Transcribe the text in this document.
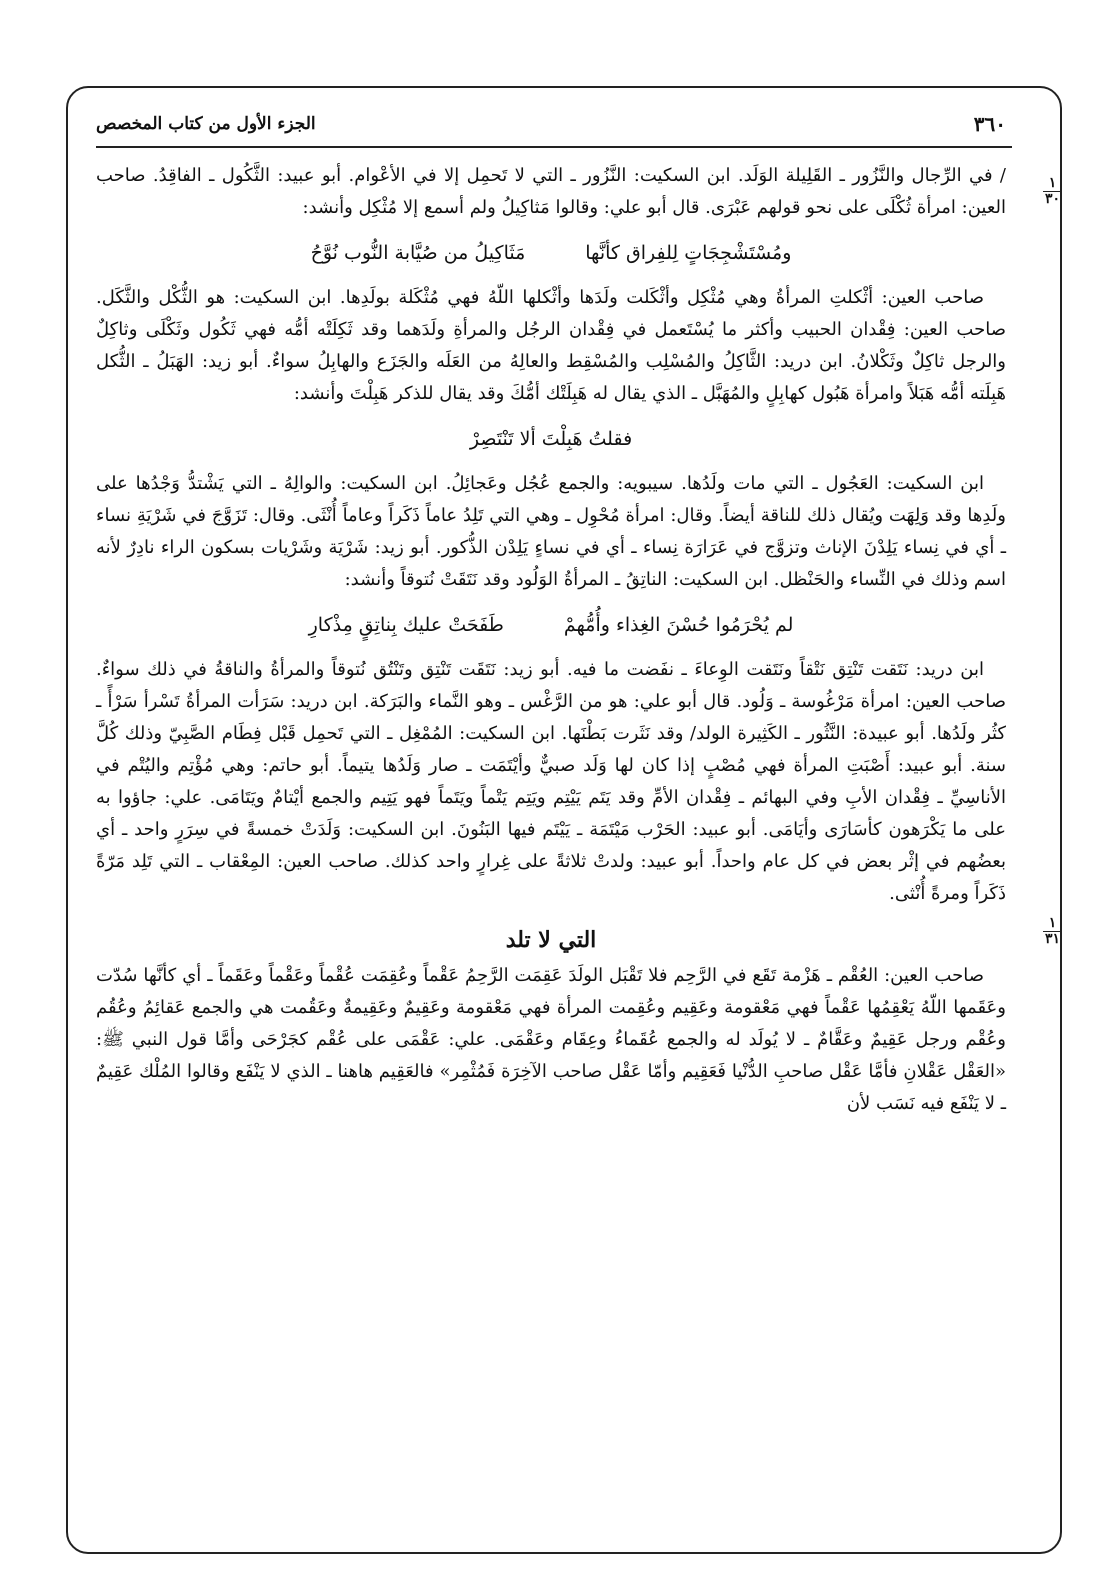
٣٦٠
الجزء الأول من كتاب المخصص
١
٣٠
١
٣١

/ في الرِّجال والنَّزُور ـ القَلِيلة الوَلَد. ابن السكيت: النَّزُور ـ التي لا تَحمِل إلا في الأعْوام. أبو عبيد: الثَّكُول ـ الفاقِدُ. صاحب العين: امرأة ثُكْلَى على نحو قولهم عَبْرَى. قال أبو علي: وقالوا مَثاكِيلُ ولم أسمع إلا مُثْكِل وأنشد:

ومُسْتَشْجِجَاتٍ لِلفِراق كأنَّها
مَثَاكِيلُ من صُيَّابة النُّوب نُوَّحُ

صاحب العين: أثْكلتِ المرأةُ وهي مُثْكِل وأثْكَلت ولَدَها وأثْكلها اللّهُ فهي مُثْكَلة بولَدِها. ابن السكيت: هو الثُّكْل والثَّكَل. صاحب العين: فِقْدان الحبيب وأكثر ما يُسْتَعمل في فِقْدان الرجُل والمرأةِ ولَدَهما وقد ثَكِلَتْه أمُّه فهي ثَكُول وثَكْلَى وثاكِلٌ والرجل ثاكِلٌ وثَكْلانُ. ابن دريد: الثَّاكِلُ والمُسْلِب والمُسْقِط والعالِهُ من العَلَه والجَزَع والهابِلُ سواءٌ. أبو زيد: الهَبَلُ ـ الثُّكل هَبِلَته أمُّه هَبَلاً وامرأة هَبُول كهابِلٍ والمُهَبَّل ـ الذي يقال له هَبِلَتْك أمُّكَ وقد يقال للذكر هَبِلْتَ وأنشد:

فقلتُ هَبِلْتَ ألا تَنْتَصِرْ

ابن السكيت: العَجُول ـ التي مات ولَدُها. سيبويه: والجمع عُجُل وعَجائِلُ. ابن السكيت: والوالِهُ ـ التي يَشْتدُّ وَجْدُها على ولَدِها وقد وَلِهَت ويُقال ذلك للناقة أيضاً. وقال: امرأة مُحْوِل ـ وهي التي تَلِدُ عاماً ذَكَراً وعاماً أُنْثَى. وقال: تَزَوَّجَ في شَرْيَةِ نساء ـ أي في نِساء يَلِدْنَ الإناث وتزوَّج في عَرَارَة نِساء ـ أي في نساءٍ يَلِدْن الذُّكور. أبو زيد: شَرْيَة وشَرْيات بسكون الراء نادِرٌ لأنه اسم وذلك في النِّساء والحَنْظل. ابن السكيت: الناتِقُ ـ المرأةُ الوَلُود وقد نَتَقَتْ نُتوقاً وأنشد:

لم يُحْرَمُوا حُسْنَ الغِذاء وأُمُّهمْ
طَفَحَتْ عليك بِناتِقٍ مِذْكارِ

ابن دريد: نَتَقت تَنْتِق نَتْقاً ونَتَقت الوِعاءَ ـ نفَضت ما فيه. أبو زيد: نَتَقَت تَنْتِق وتَنْتُق نُتوقاً والمرأةُ والناقةُ في ذلك سواءٌ. صاحب العين: امرأة مَرْغُوسة ـ وَلُود. قال أبو علي: هو من الرَّغْس ـ وهو النَّماء والبَرَكة. ابن دريد: سَرَأت المرأةُ تَسْرأ سَرْأً ـ كثُر ولَدُها. أبو عبيدة: النَّثُور ـ الكَثِيرة الولد/ وقد نَثَرت بَطْنَها. ابن السكيت: المُمْغِل ـ التي تَحمِل قَبْل فِطَام الصَّبِيّ وذلك كُلَّ سنة. أبو عبيد: أَصْبَتِ المرأة فهي مُصْبٍ إذا كان لها وَلَد صبيٌّ وأيْتَمَت ـ صار وَلَدُها يتيماً. أبو حاتم: وهي مُؤْتِم واليُتْم في الأناسِيِّ ـ فِقْدان الأبِ وفي البهائم ـ فِقْدان الأمِّ وقد يَتَم يَيْتِم ويَتِم يَتْماً ويَتَماً فهو يَتِيم والجمع أيْتامٌ ويَتَامَى. علي: جاؤوا به على ما يَكْرَهون كأسَارَى وأيَامَى. أبو عبيد: الحَرْب مَيْتَمَة ـ يَيْتَم فيها البَنُونَ. ابن السكيت: وَلَدَتْ خمسةً في سِرَرٍ واحد ـ أي بعضُهم في إثْر بعض في كل عام واحداً. أبو عبيد: ولدتْ ثلاثةً على غِرارٍ واحد كذلك. صاحب العين: المِعْقاب ـ التي تَلِد مَرّةً ذَكَراً ومرةً أُنْثى.

التي لا تلد

صاحب العين: العُقْم ـ هَزْمة تَقَع في الرَّحِم فلا تَقْبَل الولَدَ عَقِمَت الرَّحِمُ عَقْماً وعُقِمَت عُقْماً وعَقْماً وعَقَماً ـ أي كأنَّها سُدّت وعَقَمها اللّهُ يَعْقِمُها عَقْماً فهي مَعْقومة وعَقِيم وعُقِمت المرأة فهي مَعْقومة وعَقِيمٌ وعَقِيمةٌ وعَقُمت هي والجمع عَقائِمُ وعُقُم وعُقْم ورجل عَقِيمٌ وعَقَّامٌ ـ لا يُولَد له والجمع عُقَماءُ وعِقَام وعَقْمَى. علي: عَقْمَى على عُقْم كجَرْحَى وأمَّا قول النبي ﷺ: «العَقْل عَقْلانِ فأمَّا عَقْل صاحبِ الدُّنْيا فَعَقِيم وأمّا عَقْل صاحب الآخِرَة فَمُثْمِر» فالعَقِيم هاهنا ـ الذي لا يَنْفَع وقالوا المُلْك عَقِيمٌ ـ لا يَنْفَع فيه نَسَب لأن
